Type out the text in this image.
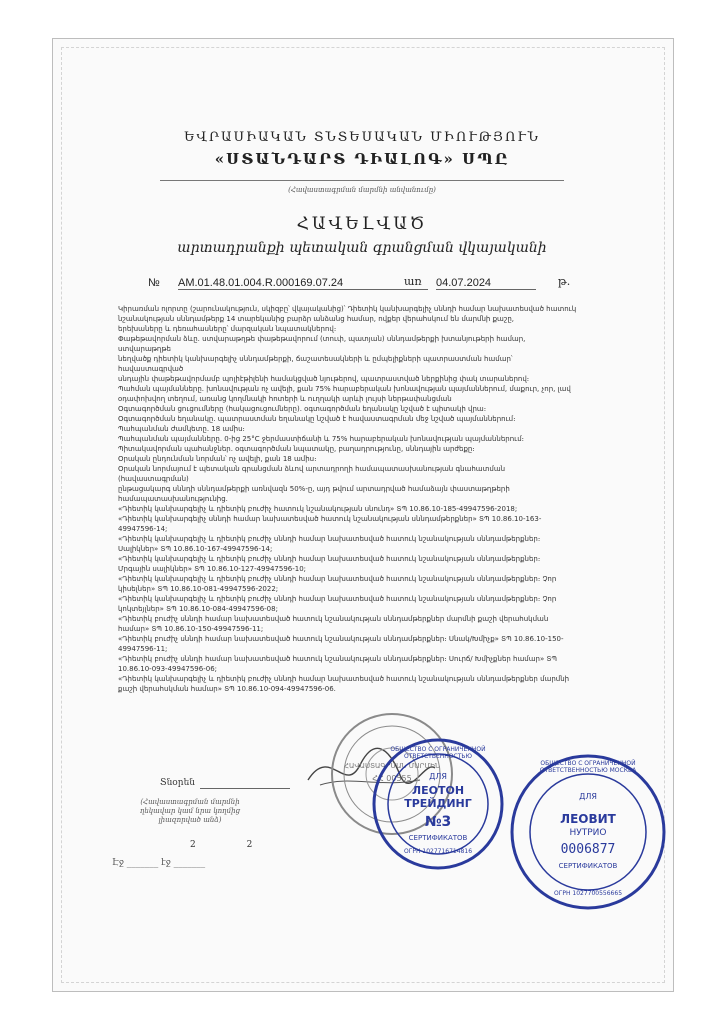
ԵՎՐԱՍԻԱԿԱՆ ՏՆՏԵՍԱԿԱՆ ՄԻՈՒԹՅՈՒՆ
«ՍՏԱՆԴԱՐՏ ԴԻԱԼՈԳ» ՍՊԸ
(Հավաստագրման մարմնի անվանումը)
ՀԱՎԵԼՎԱԾ
արտադրանքի պետական գրանցման վկայականի
№ AM.01.48.01.004.R.000169.07.24	առ 04.07.2024	թ.

Կիրառման ոլորտը (շարունակություն, սկիզբը՝ վկայականից)՝ Դիետիկ կանխարգելիչ սննդի համար նախատեսված հատուկ նշանակության սննդամթերք 14 տարեկանից բարձր անձանց համար, ովքեր վերահսկում են մարմնի քաշը,

երեխաները և դեռահասները՝ մարզական նպատակներով։

Փաթեթավորման ձևը. ստվարաթղթե փաթեթավորում (տուփ, պատյան) սննդամթերքի խտանյութերի համար, ստվարաթղթե

նեղվածք դիետիկ կանխարգելիչ սննդամթերքի, ճաշատեսակների և ըմպելիքների պատրաստման համար՝ հավաստագրված

սնդային փաթեթավորմամբ պոլիէթիլենի համակցված նյութերով, պատրաստված ներքինից փակ տարաներով։

Պահման պայմանները. խոնավության ոչ ավելի, քան 75% հարաբերական խոնավության պայմաններում, մաքուր, չոր, լավ

օդափոխվող տեղում, առանց կողմնակի հոտերի և ուղղակի արևի լույսի ներթափանցման

Օգտագործման ցուցումները (հակացուցումները). օգտագործման եղանակը նշված է պիտակի վրա։

Օգտագործման եղանակը. պատրաստման եղանակը նշված է հավաստագրման մեջ նշված պայմաններում։

Պահպանման ժամկետը. 18 ամիս։

Պահպանման պայմանները. 0-ից 25°C ջերմաստիճանի և 75% հարաբերական խոնավության պայմաններում։

Պիտակավորման պահանջներ. օգտագործման նպատակը, բաղադրությունը, սննդային արժեքը։

Օրական ընդունման նորման՝ ոչ ավելի, քան 18 ամիս։

Օրական նորմայում է պետական գրանցման ձևով արտադրողի համապատասխանության գնահատման (հավաստագրման)

ընթացակարգ սննդի սննդամթերքի առնվազն 50%-ը, այդ թվում արտադրված համաձայն փաստաթղթերի

համապատասխանությունից.

«Դիետիկ կանխարգելիչ և դիետիկ բուժիչ հատուկ նշանակության սնունդ» ՏՊ 10.86.10-185-49947596-2018;

«Դիետիկ կանխարգելիչ սննդի համար նախատեսված հատուկ նշանակության սննդամթերքներ» ՏՊ 10.86.10-163-

49947596-14;

«Դիետիկ կանխարգելիչ և դիետիկ բուժիչ սննդի համար նախատեսված հատուկ նշանակության սննդամթերքներ։

Սալիկներ» ՏՊ 10.86.10-167-49947596-14;

«Դիետիկ կանխարգելիչ և դիետիկ բուժիչ սննդի համար նախատեսված հատուկ նշանակության սննդամթերքներ։

Մրգային սալիկներ» ՏՊ 10.86.10-127-49947596-10;

«Դիետիկ կանխարգելիչ և դիետիկ բուժիչ սննդի համար նախատեսված հատուկ նշանակության սննդամթերքներ։ Չոր

կիսելներ» ՏՊ 10.86.10-081-49947596-2022;

«Դիետիկ կանխարգելիչ և դիետիկ բուժիչ սննդի համար նախատեսված հատուկ նշանակության սննդամթերքներ։ Չոր

կոկտեյլներ» ՏՊ 10.86.10-084-49947596-08;

«Դիետիկ բուժիչ սննդի համար նախատեսված հատուկ նշանակության սննդամթերքներ մարմնի քաշի վերահսկման

համար» ՏՊ 10.86.10-150-49947596-11;

«Դիետիկ բուժիչ սննդի համար նախատեսված հատուկ նշանակության սննդամթերքներ։ Սնակ/Խմիչք» ՏՊ 10.86.10-150-

49947596-11;

«Դիետիկ բուժիչ սննդի համար նախատեսված հատուկ նշանակության սննդամթերքներ։ Սուրճ/ Խմիչքներ համար» ՏՊ

10.86.10-093-49947596-06;

«Դիետիկ կանխարգելիչ և դիետիկ բուժիչ սննդի համար նախատեսված հատուկ նշանակության սննդամթերքներ մարմնի

քաշի վերահսկման համար» ՏՊ 10.86.10-094-49947596-06.

Տնօրեն
(Հավաստագրման մարմնի
ղեկավար կամ նրա կողմից
լիազորված անձ)
2 2
Էջ _______ էջ _______
ՀԱՎԱՍՏԱԳՐՄԱՆ ՄԱՐՄԻՆ
ՀՀ 00555
ОБЩЕСТВО С ОГРАНИЧЕННОЙ ОТВЕТСТВЕННОСТЬЮ
ДЛЯ
ЛЕОТОН ТРЕЙДИНГ
№3
СЕРТИФИКАТОВ
ОГРН 1027716714816
ОБЩЕСТВО С ОГРАНИЧЕННОЙ ОТВЕТСТВЕННОСТЬЮ МОСКВА
ДЛЯ
ЛЕОВИТ
НУТРИО
0006877
СЕРТИФИКАТОВ
ОГРН 1027700556665
